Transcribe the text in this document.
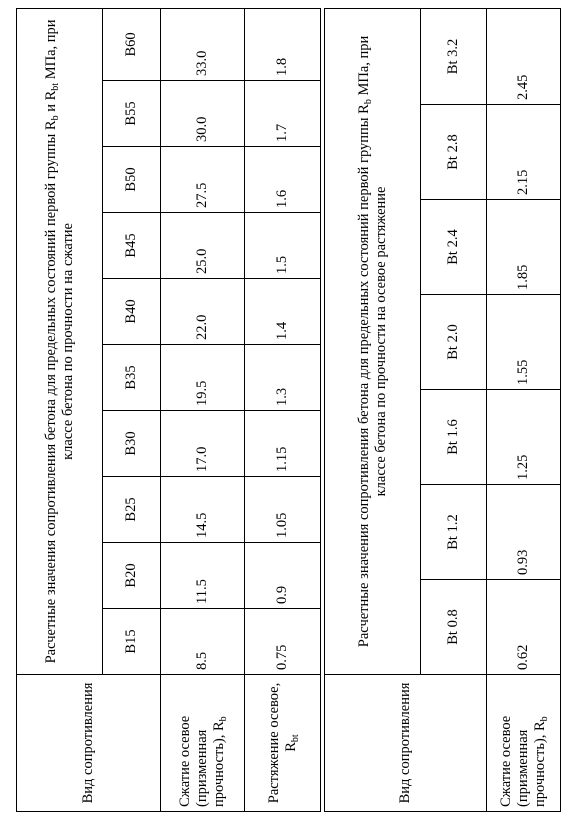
Вид сопротивления	Расчетные значения сопротивления бетона для предельных состояний первой группы $R_b$ и $R_{bt}$ МПа, при классе бетона по прочности на сжатие									
	B15	B20	B25	B30	B35	B40	B45	B50	B55	B60
Сжатие осевое (призменная прочность), $R_b$	8.5	11.5	14.5	17.0	19.5	22.0	25.0	27.5	30.0	33.0
Растяжение осевое, $R_{bt}$	0.75	0.9	1.05	1.15	1.3	1.4	1.5	1.6	1.7	1.8
Вид сопротивления	Расчетные значения сопротивления бетона для предельных состояний первой группы $R_b$ МПа, при классе бетона по прочности на осевое растяжение						
	Bt 0.8	Bt 1.2	Bt 1.6	Bt 2.0	Bt 2.4	Bt 2.8	Bt 3.2
Сжатие осевое (призменная прочность), $R_b$	0.62	0.93	1.25	1.55	1.85	2.15	2.45
